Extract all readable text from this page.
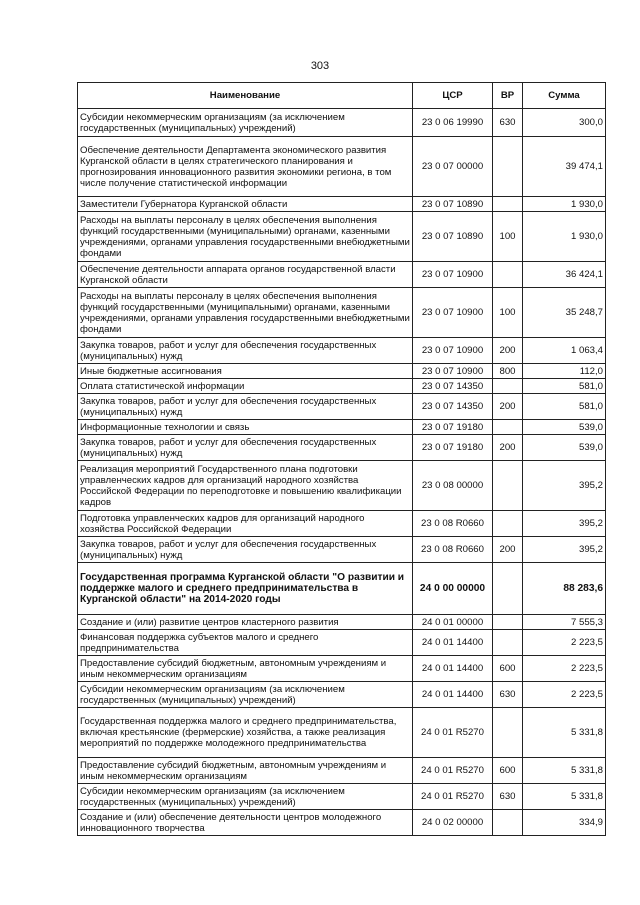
303
Наименование	ЦСР	ВР	Сумма
Субсидии некоммерческим организациям (за исключением государственных (муниципальных) учреждений)	23 0 06 19990	630	300,0
Обеспечение деятельности Департамента экономического развития Курганской области в целях стратегического планирования и прогнозирования инновационного развития экономики региона, в том числе получение статистической информации	23 0 07 00000		39 474,1
Заместители Губернатора Курганской области	23 0 07 10890		1 930,0
Расходы на выплаты персоналу в целях обеспечения выполнения функций государственными (муниципальными) органами, казенными учреждениями, органами управления государственными внебюджетными фондами	23 0 07 10890	100	1 930,0
Обеспечение деятельности аппарата органов государственной власти Курганской области	23 0 07 10900		36 424,1
Расходы на выплаты персоналу в целях обеспечения выполнения функций государственными (муниципальными) органами, казенными учреждениями, органами управления государственными внебюджетными фондами	23 0 07 10900	100	35 248,7
Закупка товаров, работ и услуг для обеспечения государственных (муниципальных) нужд	23 0 07 10900	200	1 063,4
Иные бюджетные ассигнования	23 0 07 10900	800	112,0
Оплата статистической информации	23 0 07 14350		581,0
Закупка товаров, работ и услуг для обеспечения государственных (муниципальных) нужд	23 0 07 14350	200	581,0
Информационные технологии и связь	23 0 07 19180		539,0
Закупка товаров, работ и услуг для обеспечения государственных (муниципальных) нужд	23 0 07 19180	200	539,0
Реализация мероприятий Государственного плана подготовки управленческих кадров для организаций народного хозяйства Российской Федерации по переподготовке и повышению квалификации кадров	23 0 08 00000		395,2
Подготовка управленческих кадров для организаций народного хозяйства Российской Федерации	23 0 08 R0660		395,2
Закупка товаров, работ и услуг для обеспечения государственных (муниципальных) нужд	23 0 08 R0660	200	395,2
Государственная программа Курганской области "О развитии и поддержке малого и среднего предпринимательства в Курганской области" на 2014-2020 годы	24 0 00 00000		88 283,6
Создание и (или) развитие центров кластерного развития	24 0 01 00000		7 555,3
Финансовая поддержка субъектов малого и среднего предпринимательства	24 0 01 14400		2 223,5
Предоставление субсидий бюджетным, автономным учреждениям и иным некоммерческим организациям	24 0 01 14400	600	2 223,5
Субсидии некоммерческим организациям (за исключением государственных (муниципальных) учреждений)	24 0 01 14400	630	2 223,5
Государственная поддержка малого и среднего предпринимательства, включая крестьянские (фермерские) хозяйства, а также реализация мероприятий по поддержке молодежного предпринимательства	24 0 01 R5270		5 331,8
Предоставление субсидий бюджетным, автономным учреждениям и иным некоммерческим организациям	24 0 01 R5270	600	5 331,8
Субсидии некоммерческим организациям (за исключением государственных (муниципальных) учреждений)	24 0 01 R5270	630	5 331,8
Создание и (или) обеспечение деятельности центров молодежного инновационного творчества	24 0 02 00000		334,9
